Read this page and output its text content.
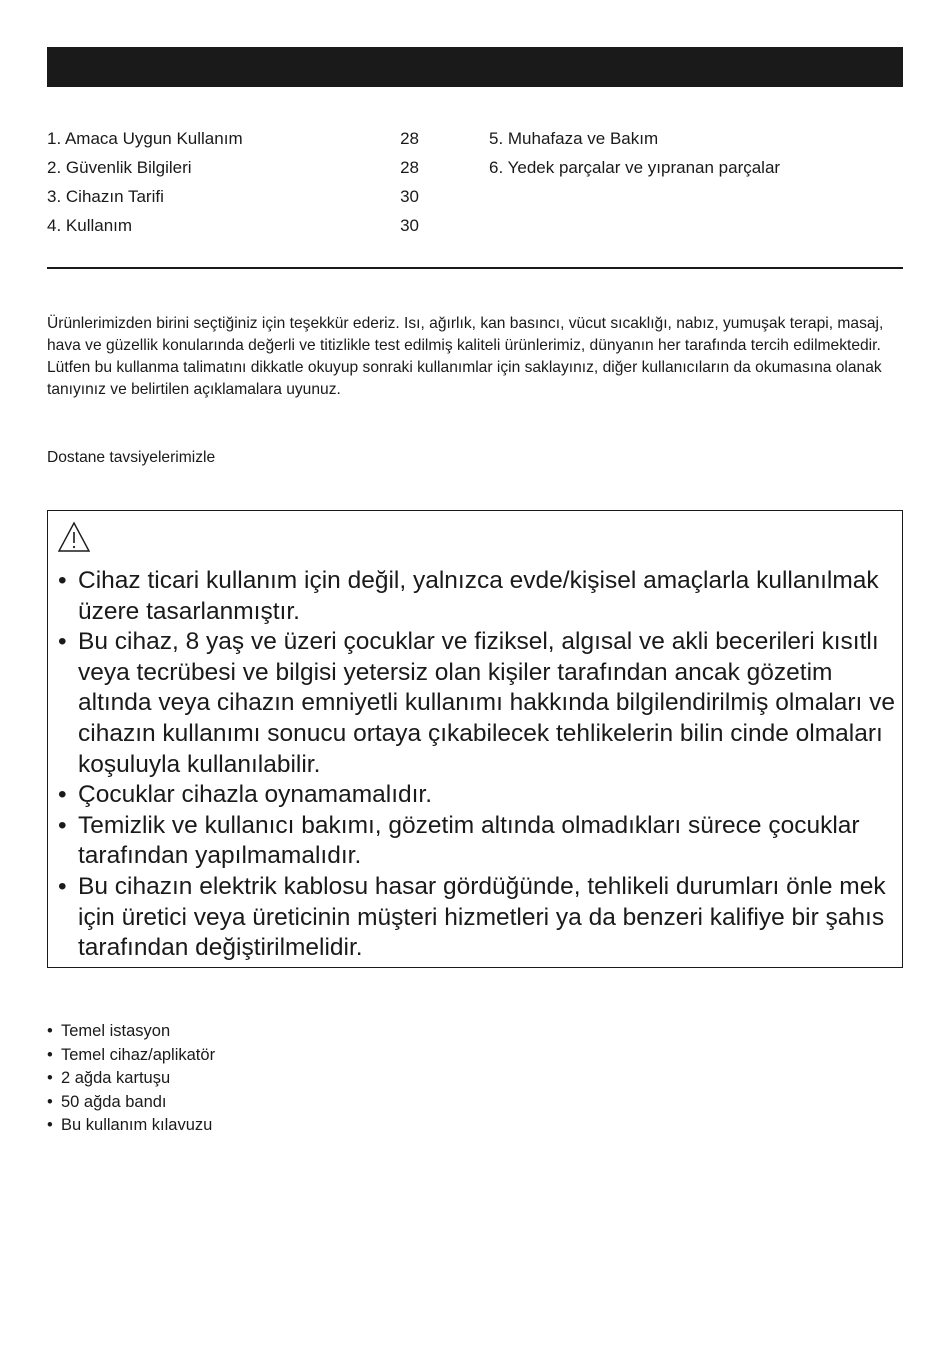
1. Amaca Uygun Kullanım	28
2. Güvenlik Bilgileri	28
3. Cihazın Tarifi	30
4. Kullanım	30
5. Muhafaza ve Bakım
6. Yedek parçalar ve yıpranan parçalar

Ürünlerimizden birini seçtiğiniz için teşekkür ederiz. Isı, ağırlık, kan basıncı, vücut sıcaklığı, nabız, yumuşak terapi, masaj, hava ve güzellik konularında değerli ve titizlikle test edilmiş kaliteli ürünlerimiz, dünyanın her tarafında tercih edilmektedir.

Lütfen bu kullanma talimatını dikkatle okuyup sonraki kullanımlar için saklayınız, diğer kullanıcıların da okumasına olanak tanıyınız ve belirtilen açıklamalara uyunuz.

Dostane tavsiyelerimizle
• Cihaz ticari kullanım için değil, yalnızca evde/kişisel amaçlarla kullanılmak üzere tasarlanmıştır.
• Bu cihaz, 8 yaş ve üzeri çocuklar ve fiziksel, algısal ve akli becerileri kısıtlı veya tecrübesi ve bilgisi yetersiz olan kişiler tarafından ancak gözetim altında veya cihazın emniyetli kullanımı hakkında bilgilendirilmiş olmaları ve cihazın kullanımı sonucu ortaya çıkabilecek tehlikelerin bilin cinde olmaları koşuluyla kullanılabilir.
• Çocuklar cihazla oynamamalıdır.
• Temizlik ve kullanıcı bakımı, gözetim altında olmadıkları sürece çocuklar tarafından yapılmamalıdır.
• Bu cihazın elektrik kablosu hasar gördüğünde, tehlikeli durumları önle mek için üretici veya üreticinin müşteri hizmetleri ya da benzeri kalifiye bir şahıs tarafından değiştirilmelidir.
• Temel istasyon
• Temel cihaz/aplikatör
• 2 ağda kartuşu
• 50 ağda bandı
• Bu kullanım kılavuzu
